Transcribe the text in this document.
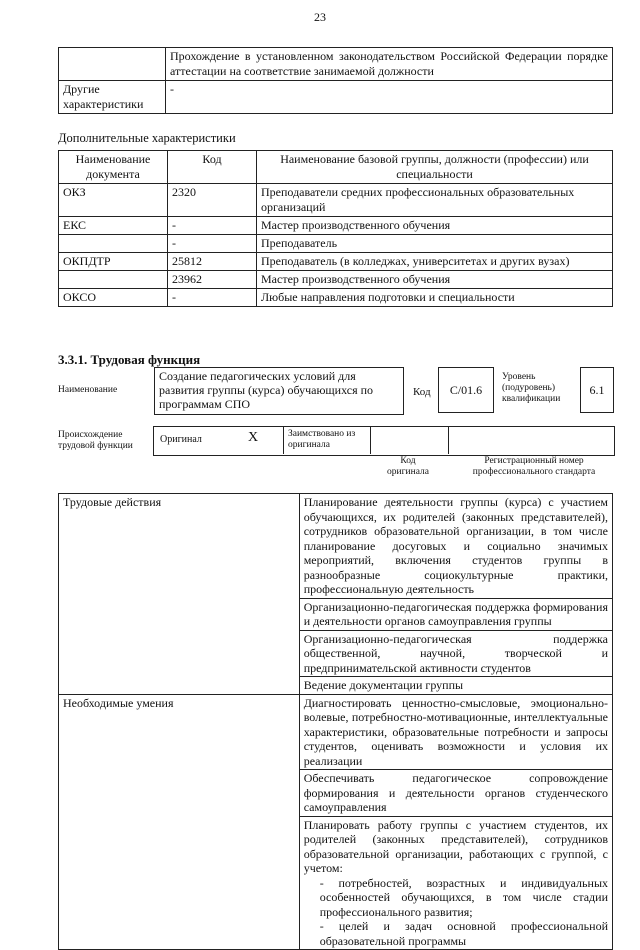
23
	Прохождение в установленном законодательством Российской Федерации порядке аттестации на соответствие занимаемой должности
Другие характеристики	-
Дополнительные характеристики
Наименование документа	Код	Наименование базовой группы, должности (профессии) или специальности
ОКЗ	2320	Преподаватели средних профессиональных образовательных организаций
ЕКС	-	Мастер производственного обучения
	-	Преподаватель
ОКПДТР	25812	Преподаватель (в колледжах, университетах и других вузах)
	23962	Мастер производственного обучения
ОКСО	-	Любые направления подготовки и специальности
3.3.1. Трудовая функция
Наименование
Создание педагогических условий для развития группы (курса) обучающихся по программам СПО
Код	С/01.6
Уровень (подуровень) квалификации
6.1
Происхождение трудовой функции
Оригинал	X	Заимствовано из оригинала
Код оригинала
Регистрационный номер профессионального стандарта
Трудовые действия	Планирование деятельности группы (курса) с участием обучающихся, их родителей (законных представителей), сотрудников образовательной организации, в том числе планирование досуговых и социально значимых мероприятий, включения студентов группы в разнообразные социокультурные практики, профессиональную деятельность
	Организационно-педагогическая поддержка формирования и деятельности органов самоуправления группы
	Организационно-педагогическая поддержка общественной, научной, творческой и предпринимательской активности студентов
	Ведение документации группы
Необходимые умения	Диагностировать ценностно-смысловые, эмоционально-волевые, потребностно-мотивационные, интеллектуальные характеристики, образовательные потребности и запросы студентов, оценивать возможности и условия их реализации
	Обеспечивать педагогическое сопровождение формирования и деятельности органов студенческого самоуправления

	Планировать работу группы с участием студентов, их родителей (законных представителей), сотрудников образовательной организации, работающих с группой, с учетом:
- потребностей, возрастных и индивидуальных особенностей обучающихся, в том числе стадии профессионального развития;
- целей и задач основной профессиональной образовательной программы
